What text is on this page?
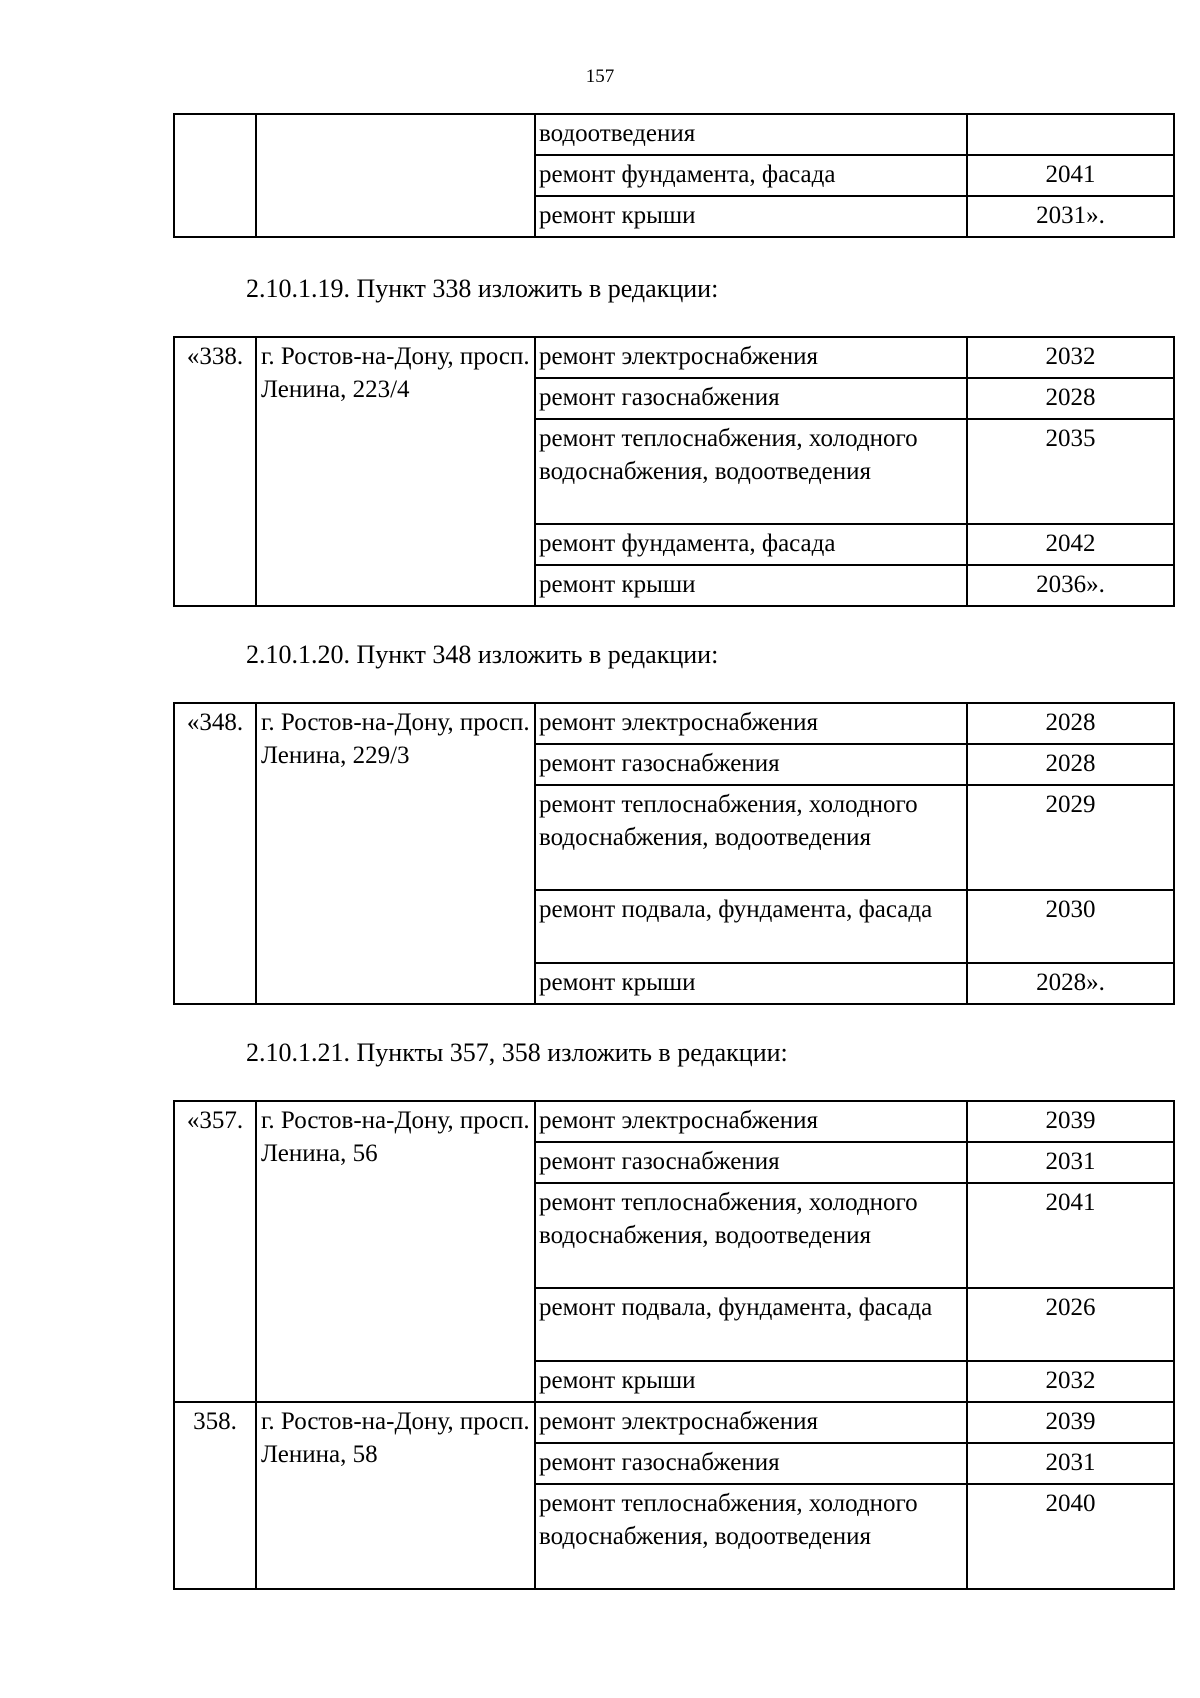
157
		водоотведения	
		ремонт фундамента, фасада	2041
		ремонт крыши	2031».
2.10.1.19. Пункт 338 изложить в редакции:
«338.	г. Ростов-на-Дону, просп. Ленина, 223/4	ремонт электроснабжения	2032
		ремонт газоснабжения	2028
		ремонт теплоснабжения, холодного водоснабжения, водоотведения	2035
		ремонт фундамента, фасада	2042
		ремонт крыши	2036».
2.10.1.20. Пункт 348 изложить в редакции:
«348.	г. Ростов-на-Дону, просп. Ленина, 229/3	ремонт электроснабжения	2028
		ремонт газоснабжения	2028
		ремонт теплоснабжения, холодного водоснабжения, водоотведения	2029
		ремонт подвала, фундамента, фасада	2030
		ремонт крыши	2028».
2.10.1.21. Пункты 357, 358 изложить в редакции:
«357.	г. Ростов-на-Дону, просп. Ленина, 56	ремонт электроснабжения	2039
		ремонт газоснабжения	2031
		ремонт теплоснабжения, холодного водоснабжения, водоотведения	2041
		ремонт подвала, фундамента, фасада	2026
		ремонт крыши	2032
358.	г. Ростов-на-Дону, просп. Ленина, 58	ремонт электроснабжения	2039
		ремонт газоснабжения	2031
		ремонт теплоснабжения, холодного водоснабжения, водоотведения	2040
